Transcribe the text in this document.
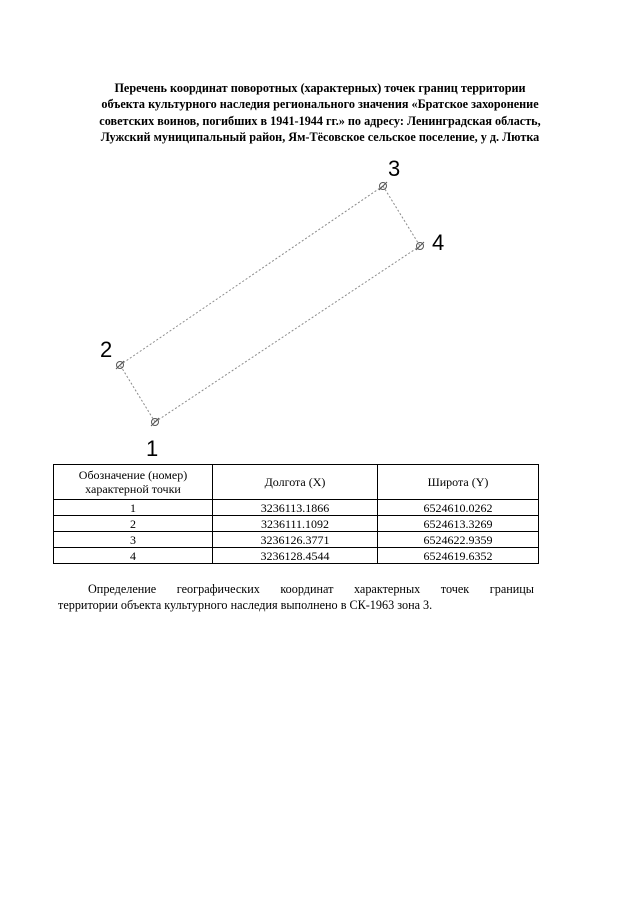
Перечень координат поворотных (характерных) точек границ территории
объекта культурного наследия регионального значения «Братское захоронение
советских воинов, погибших в 1941-1944 гг.» по адресу: Ленинградская область,
Лужский муниципальный район, Ям-Тёсовское сельское поселение, у д. Лютка
1
2
3
4
Обозначение (номер) характерной точки	Долгота (X)	Широта (Y)
1	3236113.1866	6524610.0262
2	3236111.1092	6524613.3269
3	3236126.3771	6524622.9359
4	3236128.4544	6524619.6352
Определение географических координат характерных точек границы
территории объекта культурного наследия выполнено в СК-1963 зона 3.
